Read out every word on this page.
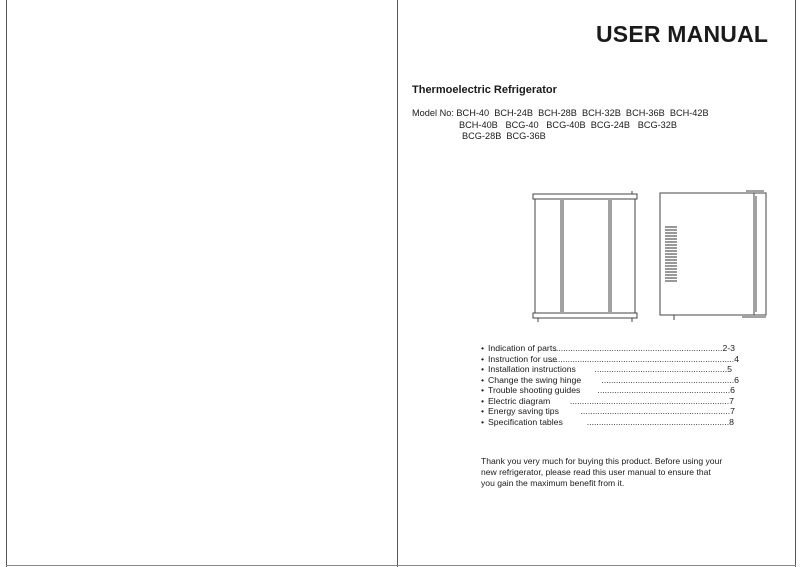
USER MANUAL
Thermoelectric Refrigerator
Model No: BCH-40  BCH-24B  BCH-28B  BCH-32B  BCH-36B  BCH-42B
BCH-40B   BCG-40   BCG-40B  BCG-24B   BCG-32B
BCG-28B  BCG-36B
• Indication of parts
......................................................................2-3
• Instruction for use
.............................................................................4
• Installation instructions .......................................................5
• Change the swing hinge .......................................................6
• Trouble shooting guides .......................................................6
• Electric diagram ..................................................................7
• Energy saving tips ..............................................................7
• Specification tables	...........................................................8
Thank you very much for buying this product. Before using your
new refrigerator, please read this user manual to ensure that
you gain the maximum benefit from it.
